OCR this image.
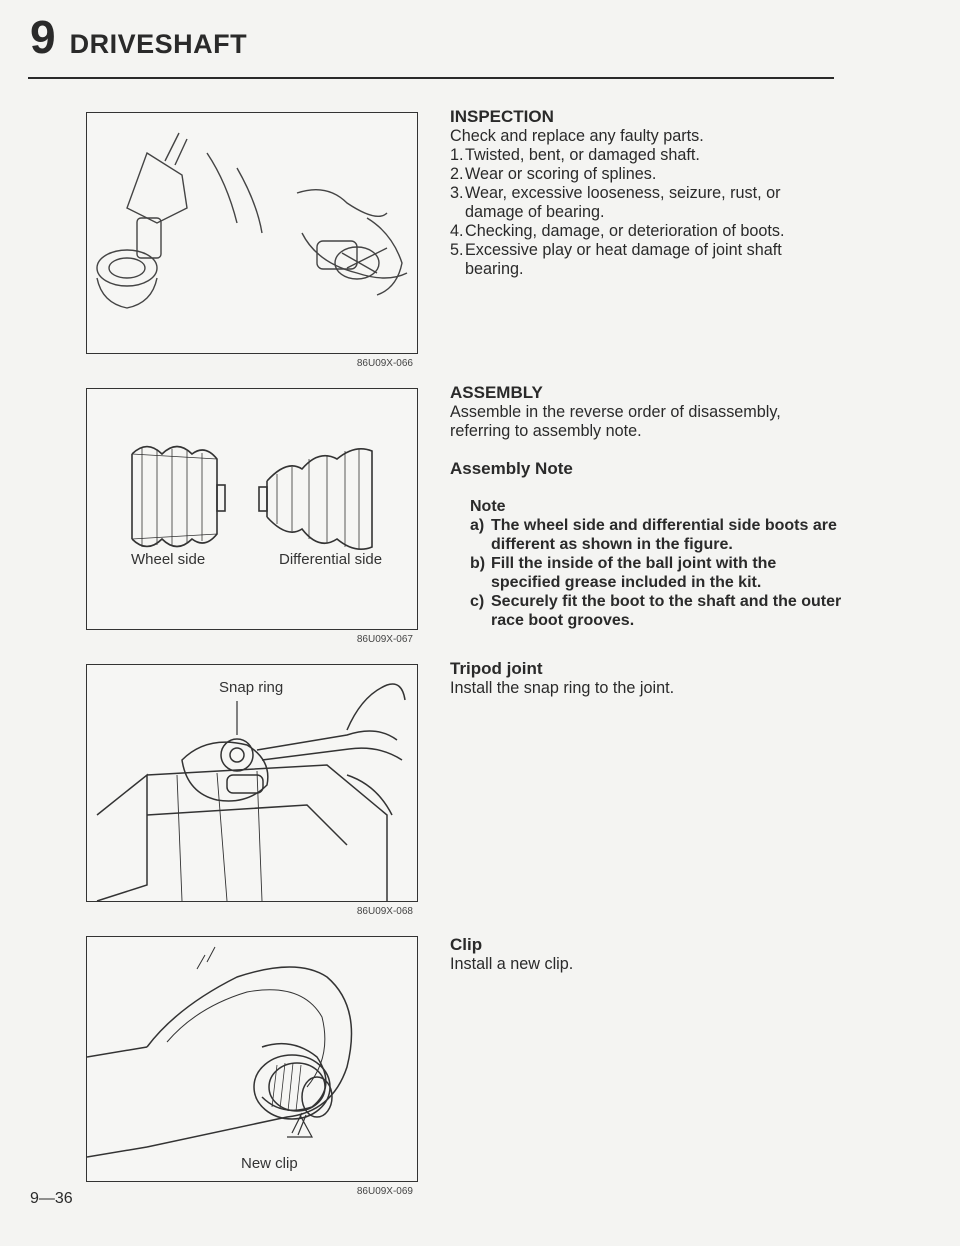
9 DRIVESHAFT
86U09X-066
Wheel side	Differential side
86U09X-067
Snap ring
86U09X-068
New clip
86U09X-069
INSPECTION

Check and replace any faulty parts.

1. Twisted, bent, or damaged shaft.
2. Wear or scoring of splines.
3. Wear, excessive looseness, seizure, rust, or damage of bearing.
4. Checking, damage, or deterioration of boots.
5. Excessive play or heat damage of joint shaft bearing.
ASSEMBLY

Assemble in the reverse order of disassembly, referring to assembly note.

Assembly Note
Note
a) The wheel side and differential side boots are different as shown in the figure.
b) Fill the inside of the ball joint with the specified grease included in the kit.
c) Securely fit the boot to the shaft and the outer race boot grooves.
Tripod joint

Install the snap ring to the joint.

Clip

Install a new clip.

9—36
